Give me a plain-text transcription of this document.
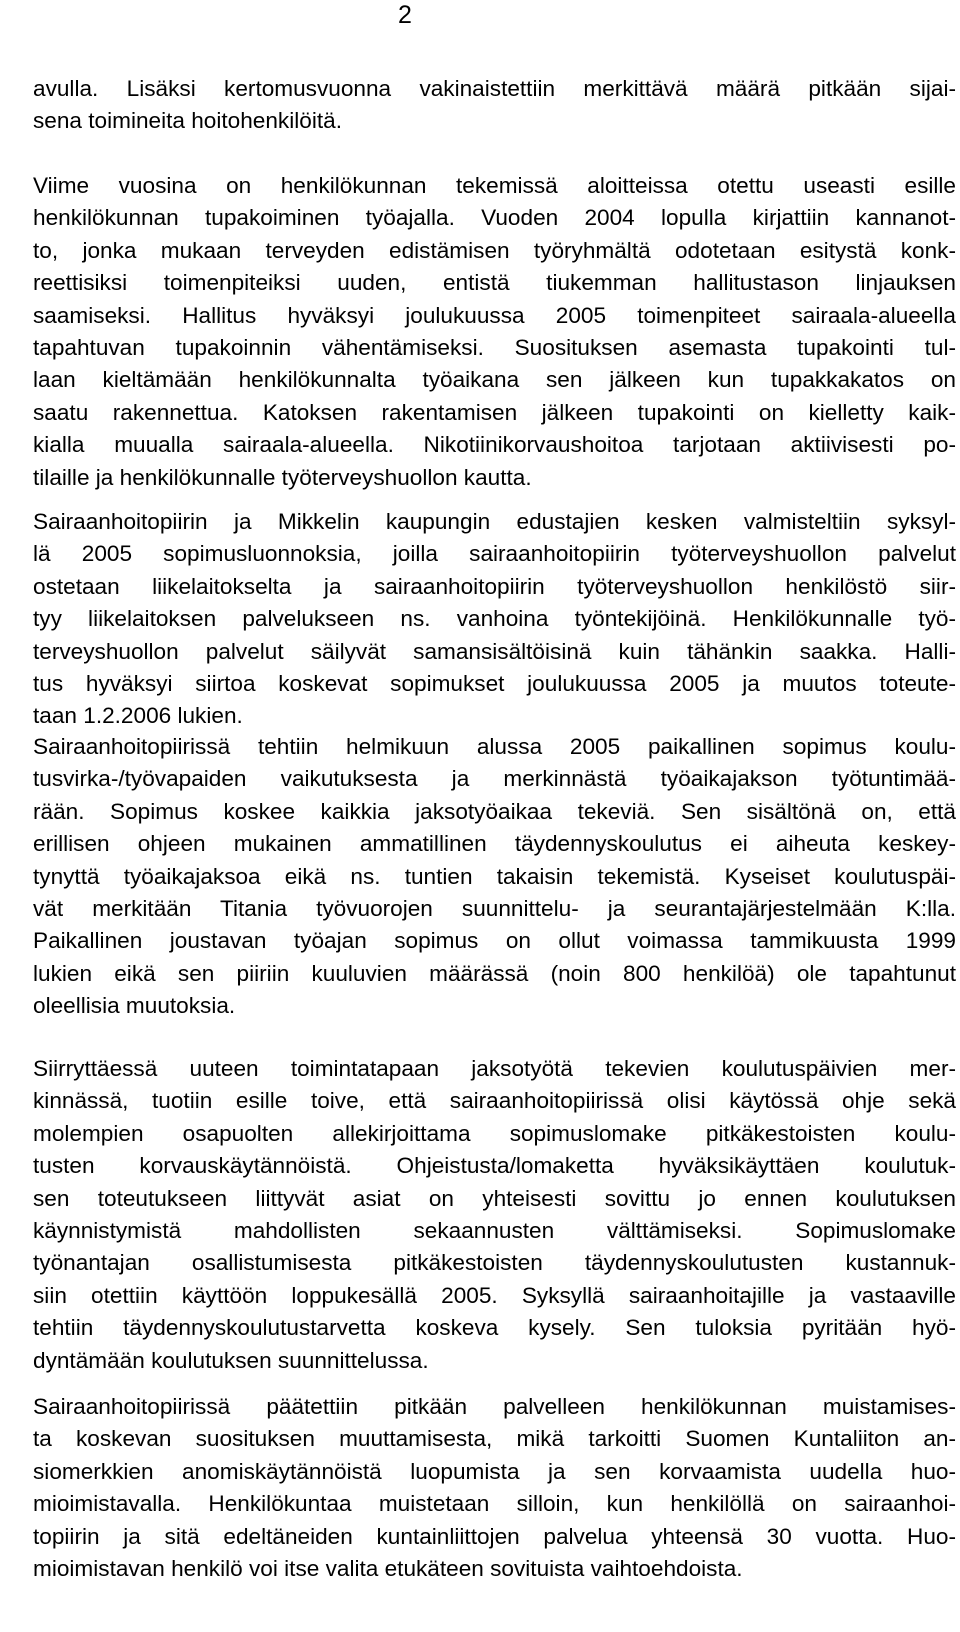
2
avulla. Lisäksi kertomusvuonna vakinaistettiin merkittävä määrä pitkään sijai-
sena toimineita hoitohenkilöitä.
Viime vuosina on henkilökunnan tekemissä aloitteissa otettu useasti esille
henkilökunnan tupakoiminen työajalla. Vuoden 2004 lopulla kirjattiin kannanot-
to, jonka mukaan terveyden edistämisen työryhmältä odotetaan esitystä konk-
reettisiksi toimenpiteiksi uuden, entistä tiukemman hallitustason linjauksen
saamiseksi. Hallitus hyväksyi joulukuussa 2005 toimenpiteet sairaala-alueella
tapahtuvan tupakoinnin vähentämiseksi. Suosituksen asemasta tupakointi tul-
laan kieltämään henkilökunnalta työaikana sen jälkeen kun tupakkakatos on
saatu rakennettua. Katoksen rakentamisen jälkeen tupakointi on kielletty kaik-
kialla muualla sairaala-alueella. Nikotiinikorvaushoitoa tarjotaan aktiivisesti po-
tilaille ja henkilökunnalle työterveyshuollon kautta.
Sairaanhoitopiirin ja Mikkelin kaupungin edustajien kesken valmisteltiin syksyl-
lä 2005 sopimusluonnoksia, joilla sairaanhoitopiirin työterveyshuollon palvelut
ostetaan liikelaitokselta ja sairaanhoitopiirin työterveyshuollon henkilöstö siir-
tyy liikelaitoksen palvelukseen ns. vanhoina työntekijöinä. Henkilökunnalle työ-
terveyshuollon palvelut säilyvät samansisältöisinä kuin tähänkin saakka. Halli-
tus hyväksyi siirtoa koskevat sopimukset joulukuussa 2005 ja muutos toteute-
taan 1.2.2006 lukien.
Sairaanhoitopiirissä tehtiin helmikuun alussa 2005 paikallinen sopimus koulu-
tusvirka-/työvapaiden vaikutuksesta ja merkinnästä työaikajakson työtuntimää-
rään. Sopimus koskee kaikkia jaksotyöaikaa tekeviä. Sen sisältönä on, että
erillisen ohjeen mukainen ammatillinen täydennyskoulutus ei aiheuta keskey-
tynyttä työaikajaksoa eikä ns. tuntien takaisin tekemistä. Kyseiset koulutuspäi-
vät merkitään Titania työvuorojen suunnittelu- ja seurantajärjestelmään K:lla.
Paikallinen joustavan työajan sopimus on ollut voimassa tammikuusta 1999
lukien eikä sen piiriin kuuluvien määrässä (noin 800 henkilöä) ole tapahtunut
oleellisia muutoksia.
Siirryttäessä uuteen toimintatapaan jaksotyötä tekevien koulutuspäivien mer-
kinnässä, tuotiin esille toive, että sairaanhoitopiirissä olisi käytössä ohje sekä
molempien osapuolten allekirjoittama sopimuslomake pitkäkestoisten koulu-
tusten korvauskäytännöistä. Ohjeistusta/lomaketta hyväksikäyttäen koulutuk-
sen toteutukseen liittyvät asiat on yhteisesti sovittu jo ennen koulutuksen
käynnistymistä mahdollisten sekaannusten välttämiseksi. Sopimuslomake
työnantajan osallistumisesta pitkäkestoisten täydennyskoulutusten kustannuk-
siin otettiin käyttöön loppukesällä 2005. Syksyllä sairaanhoitajille ja vastaaville
tehtiin täydennyskoulutustarvetta koskeva kysely. Sen tuloksia pyritään hyö-
dyntämään koulutuksen suunnittelussa.
Sairaanhoitopiirissä päätettiin pitkään palvelleen henkilökunnan muistamises-
ta koskevan suosituksen muuttamisesta, mikä tarkoitti Suomen Kuntaliiton an-
siomerkkien anomiskäytännöistä luopumista ja sen korvaamista uudella huo-
mioimistavalla. Henkilökuntaa muistetaan silloin, kun henkilöllä on sairaanhoi-
topiirin ja sitä edeltäneiden kuntainliittojen palvelua yhteensä 30 vuotta. Huo-
mioimistavan henkilö voi itse valita etukäteen sovituista vaihtoehdoista.
